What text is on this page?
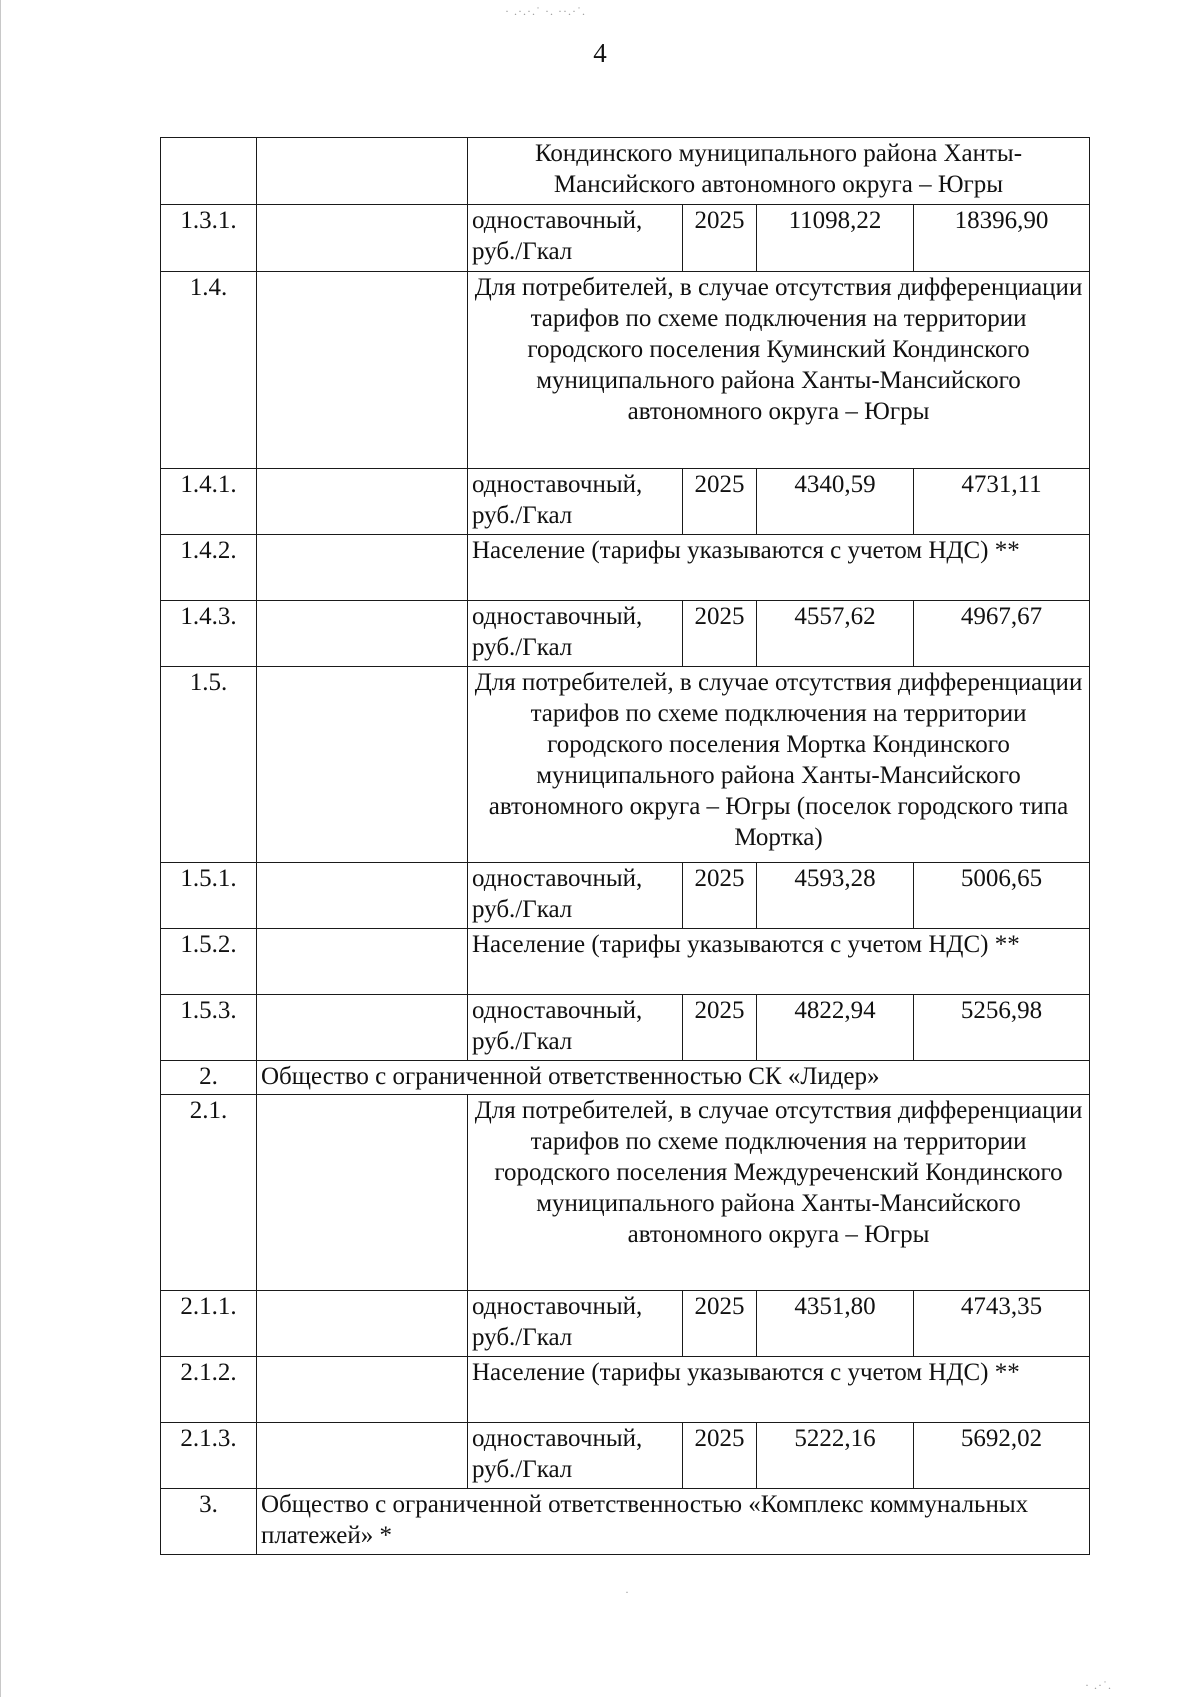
· .·.·.˙ ·. ··.·˙.
4
		Кондинского муниципального района Ханты-Мансийского автономного округа – Югры			
1.3.1.		одноставочный, руб./Гкал	2025	11098,22	18396,90
1.4.		Для потребителей, в случае отсутствия дифференциации тарифов по схеме подключения на территории городского поселения Куминский Кондинского муниципального района Ханты-Мансийского автономного округа – Югры			
1.4.1.		одноставочный, руб./Гкал	2025	4340,59	4731,11
1.4.2.		Население (тарифы указываются с учетом НДС) **			
1.4.3.		одноставочный, руб./Гкал	2025	4557,62	4967,67
1.5.		Для потребителей, в случае отсутствия дифференциации тарифов по схеме подключения на территории городского поселения Мортка Кондинского муниципального района Ханты-Мансийского автономного округа – Югры (поселок городского типа Мортка)			
1.5.1.		одноставочный, руб./Гкал	2025	4593,28	5006,65
1.5.2.		Население (тарифы указываются с учетом НДС) **			
1.5.3.		одноставочный, руб./Гкал	2025	4822,94	5256,98
2.	Общество с ограниченной ответственностью СК «Лидер»				
2.1.		Для потребителей, в случае отсутствия дифференциации тарифов по схеме подключения на территории городского поселения Междуреченский Кондинского муниципального района Ханты-Мансийского автономного округа – Югры			
2.1.1.		одноставочный, руб./Гкал	2025	4351,80	4743,35
2.1.2.		Население (тарифы указываются с учетом НДС) **			
2.1.3.		одноставочный, руб./Гкал	2025	5222,16	5692,02
3.	Общество с ограниченной ответственностью «Комплекс коммунальных платежей» *				
·
· .·˙.
